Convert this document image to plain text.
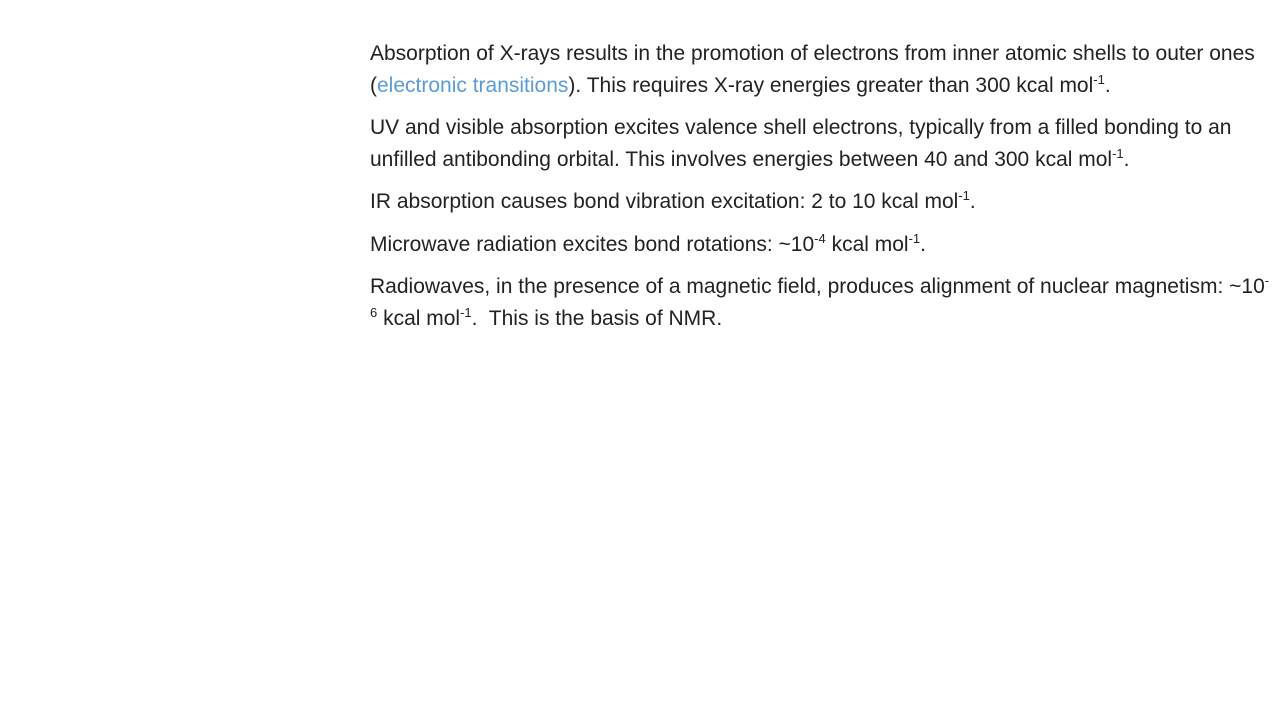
Absorption of X-rays results in the promotion of electrons from inner atomic shells to outer ones (electronic transitions). This requires X-ray energies greater than 300 kcal mol$^{-1}$.

UV and visible absorption excites valence shell electrons, typically from a filled bonding to an unfilled antibonding orbital. This involves energies between 40 and 300 kcal mol$^{-1}$.

IR absorption causes bond vibration excitation: 2 to 10 kcal mol$^{-1}$.

Microwave radiation excites bond rotations: $\sim 10^{-4}$ kcal mol$^{-1}$.

Radiowaves, in the presence of a magnetic field, produces alignment of nuclear magnetism: $\sim 10^{-6}$ kcal mol$^{-1}$.  This is the basis of NMR.
